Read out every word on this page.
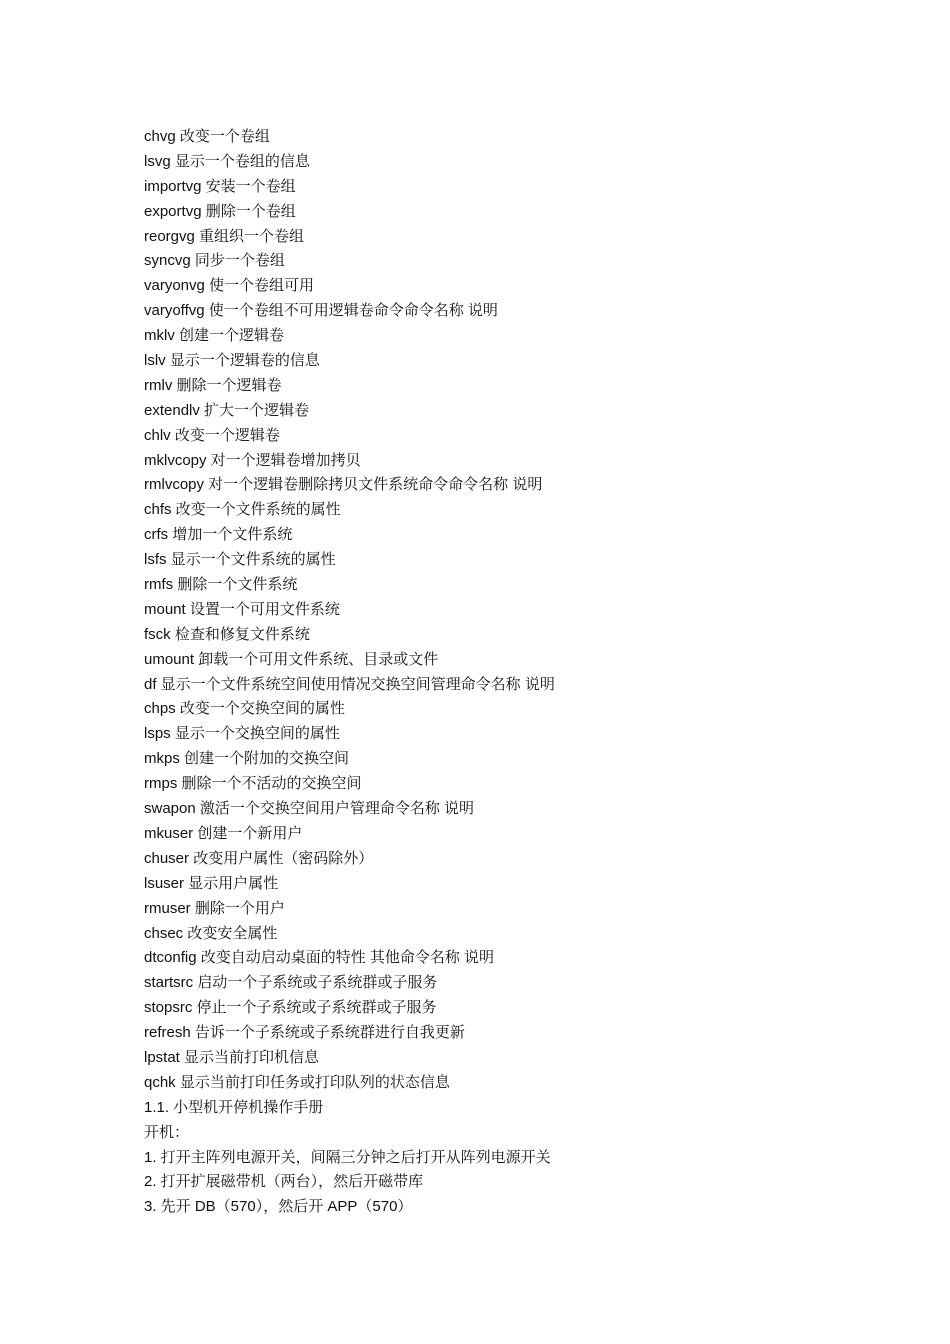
chvg 改变一个卷组
lsvg 显示一个卷组的信息
importvg 安装一个卷组
exportvg 删除一个卷组
reorgvg 重组织一个卷组
syncvg 同步一个卷组
varyonvg 使一个卷组可用
varyoffvg 使一个卷组不可用逻辑卷命令命令名称 说明
mklv 创建一个逻辑卷
lslv 显示一个逻辑卷的信息
rmlv 删除一个逻辑卷
extendlv 扩大一个逻辑卷
chlv 改变一个逻辑卷
mklvcopy 对一个逻辑卷增加拷贝
rmlvcopy 对一个逻辑卷删除拷贝文件系统命令命令名称 说明
chfs 改变一个文件系统的属性
crfs 增加一个文件系统
lsfs 显示一个文件系统的属性
rmfs 删除一个文件系统
mount 设置一个可用文件系统
fsck 检查和修复文件系统
umount 卸载一个可用文件系统、目录或文件
df 显示一个文件系统空间使用情况交换空间管理命令名称 说明
chps 改变一个交换空间的属性
lsps 显示一个交换空间的属性
mkps 创建一个附加的交换空间
rmps 删除一个不活动的交换空间
swapon 激活一个交换空间用户管理命令名称 说明
mkuser 创建一个新用户
chuser 改变用户属性（密码除外）
lsuser 显示用户属性
rmuser 删除一个用户
chsec 改变安全属性
dtconfig 改变自动启动桌面的特性 其他命令名称 说明
startsrc 启动一个子系统或子系统群或子服务
stopsrc 停止一个子系统或子系统群或子服务
refresh 告诉一个子系统或子系统群进行自我更新
lpstat 显示当前打印机信息
qchk 显示当前打印任务或打印队列的状态信息
1.1. 小型机开停机操作手册
开机：
1. 打开主阵列电源开关，间隔三分钟之后打开从阵列电源开关
2. 打开扩展磁带机（两台），然后开磁带库
3. 先开 DB（570），然后开 APP（570）
